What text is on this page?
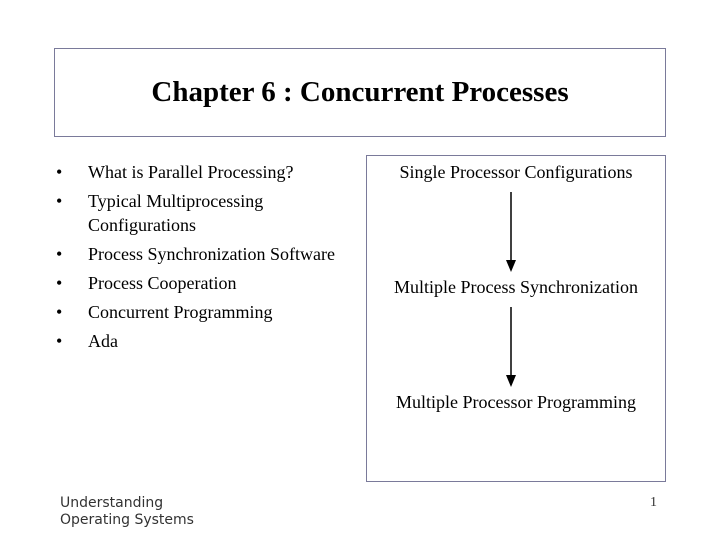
Chapter 6 : Concurrent Processes
• What is Parallel Processing?
• Typical Multiprocessing Configurations
• Process Synchronization Software
• Process Cooperation
• Concurrent Programming
• Ada
Single Processor Configurations
Multiple Process Synchronization
Multiple Processor Programming
Understanding
Operating Systems
1
